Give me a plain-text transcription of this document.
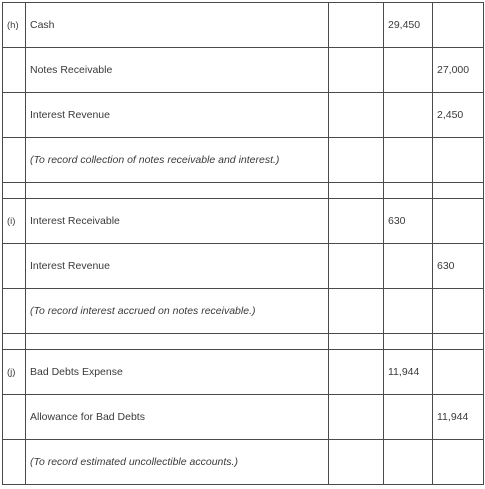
(h)	Cash		29,450	
	Notes Receivable			27,000
	Interest Revenue			2,450
	(To record collection of notes receivable and interest.)			

(i)	Interest Receivable		630	
	Interest Revenue			630
	(To record interest accrued on notes receivable.)			

(j)	Bad Debts Expense		11,944	
	Allowance for Bad Debts			11,944
	(To record estimated uncollectible accounts.)			
